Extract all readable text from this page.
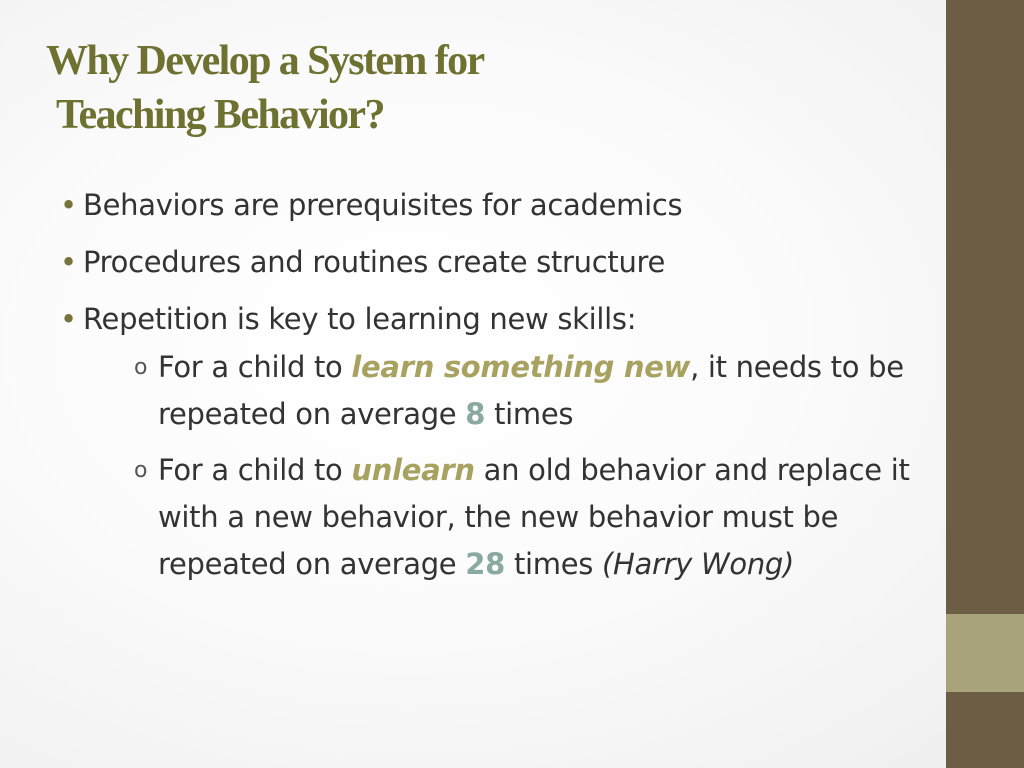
Why Develop a System for
Teaching Behavior?
• Behaviors are prerequisites for academics
• Procedures and routines create structure
• Repetition is key to learning new skills:
o For a child to learn something new, it needs to be repeated on average 8 times
o For a child to unlearn an old behavior and replace it with a new behavior, the new behavior must be repeated on average 28 times (Harry Wong)
